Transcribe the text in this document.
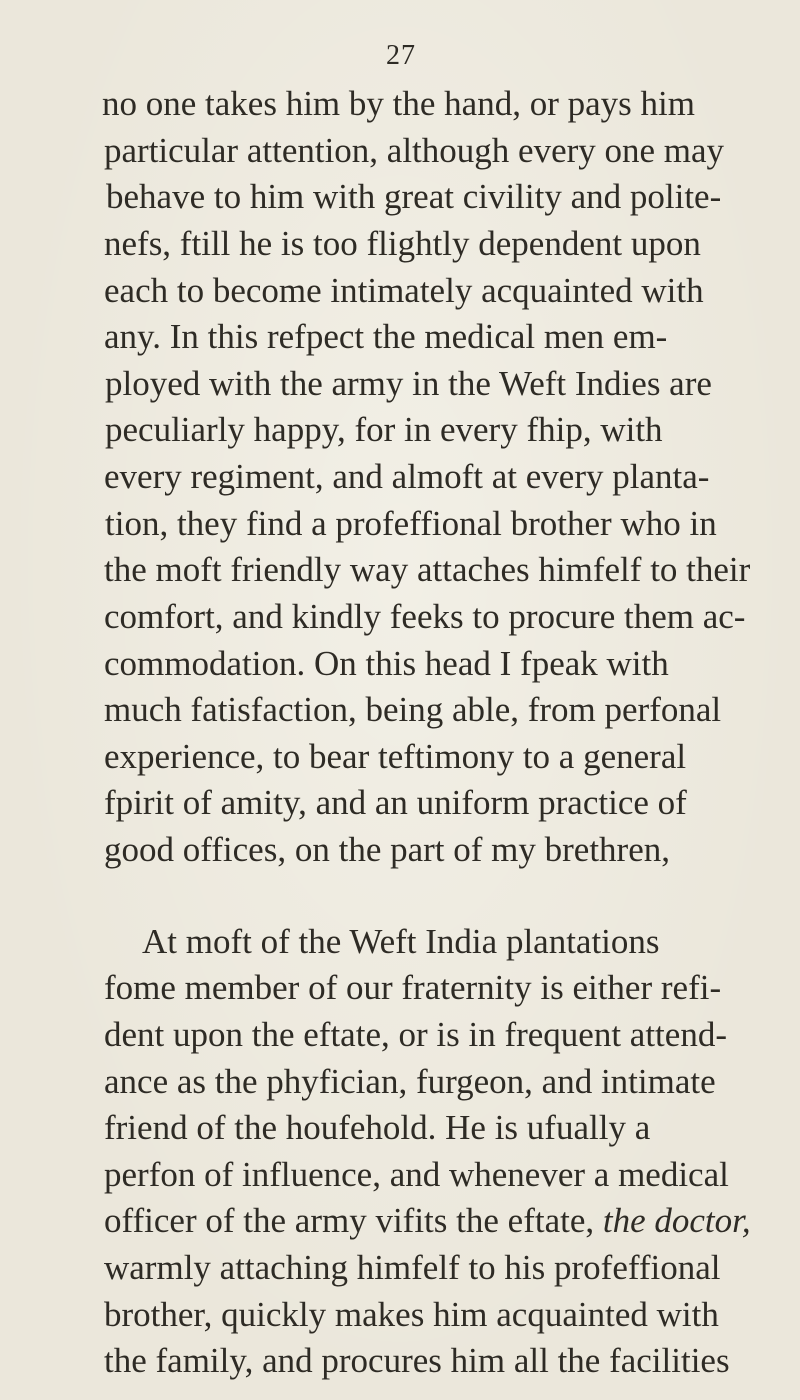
27
no one takes him by the hand, or pays him
particular attention, although every one may
behave to him with great civility and polite-
nefs, ftill he is too flightly dependent upon
each to become intimately acquainted with
any. In this refpect the medical men em-
ployed with the army in the Weft Indies are
peculiarly happy, for in every fhip, with
every regiment, and almoft at every planta-
tion, they find a profeffional brother who in
the moft friendly way attaches himfelf to their
comfort, and kindly feeks to procure them ac-
commodation. On this head I fpeak with
much fatisfaction, being able, from perfonal
experience, to bear teftimony to a general
fpirit of amity, and an uniform practice of
good offices, on the part of my brethren,
At moft of the Weft India plantations
fome member of our fraternity is either refi-
dent upon the eftate, or is in frequent attend-
ance as the phyfician, furgeon, and intimate
friend of the houfehold. He is ufually a
perfon of influence, and whenever a medical
officer of the army vifits the eftate, the doctor,
warmly attaching himfelf to his profeffional
brother, quickly makes him acquainted with
the family, and procures him all the facilities
